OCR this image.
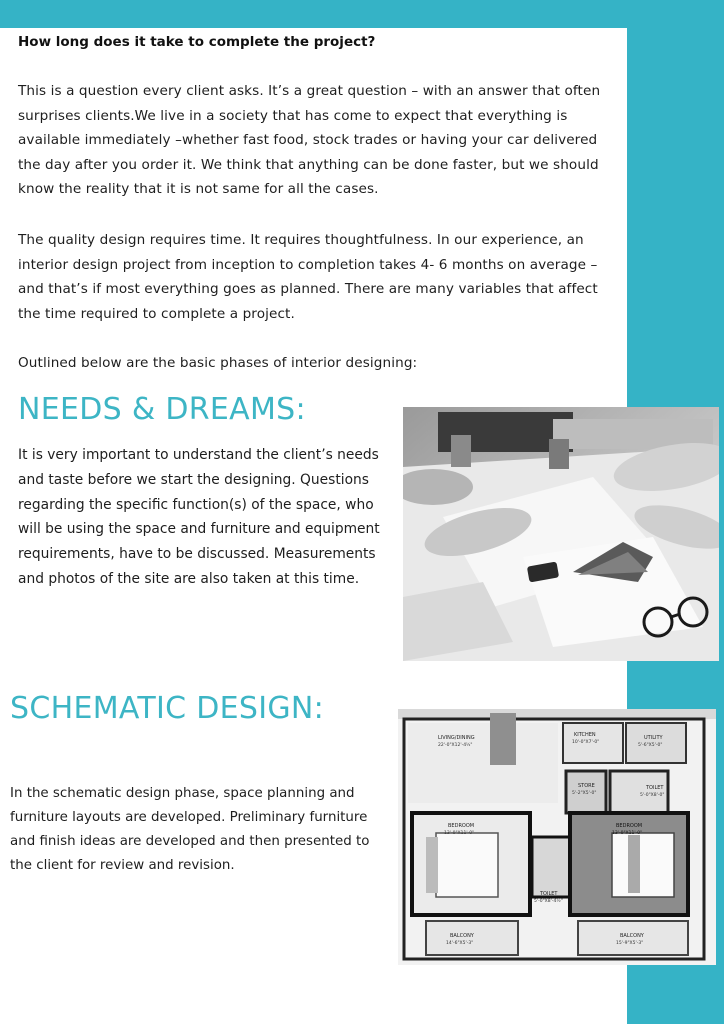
How long does it take to complete the project?

This is a question every client asks. It’s a great question – with an answer that often surprises clients.We live in a society that has come to expect that everything is available immediately –whether fast food, stock trades or having your car delivered the day after you order it. We think that anything can be done faster, but we should know the reality that it is not same for all the cases.

The quality design requires time. It requires thoughtfulness. In our experience, an interior design project from inception to completion takes 4- 6 months on average – and that’s if most everything goes as planned. There are many variables that affect the time required to complete a project.

Outlined below are the basic phases of interior designing:

NEEDS & DREAMS:

It is very important to understand the client’s needs and taste before we start the designing. Questions regarding the specific function(s) of the space, who will be using the space and furniture and equipment requirements, have to be discussed. Measurements and photos of the site are also taken at this time.

SCHEMATIC DESIGN:

In the schematic design phase, space planning and furniture layouts are developed. Preliminary furniture and finish ideas are developed and then presented to the client for review and revision.

LIVING/DINING
22'-0"X12'-4½"
KITCHEN
10'-0"X7'-0"
UTILITY
5'-6"X5'-0"
STORE
5'-2"X5'-0"
TOILET
5'-0"X8'-0"
BEDROOM
13'-0"X11'-0"
BEDROOM
13'-0"X11'-0"
TOILET
5'-0"X8'-4½"
BALCONY
14'-6"X5'-3"
BALCONY
15'-9"X5'-3"
